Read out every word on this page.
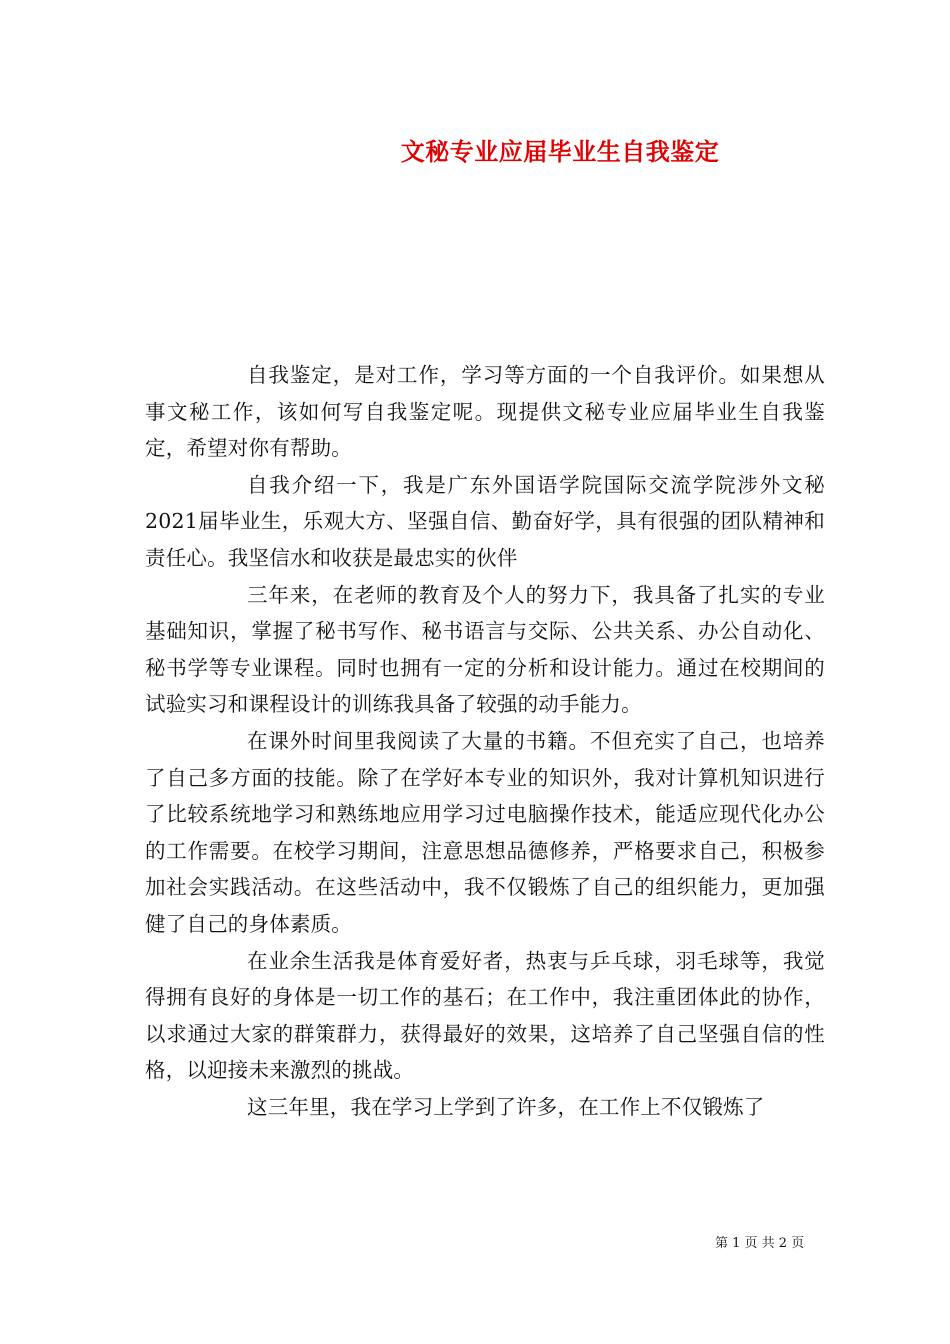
文秘专业应届毕业生自我鉴定

自我鉴定，是对工作，学习等方面的一个自我评价。如果想从事文秘工作，该如何写自我鉴定呢。现提供文秘专业应届毕业生自我鉴定，希望对你有帮助。

自我介绍一下，我是广东外国语学院国际交流学院涉外文秘2021届毕业生，乐观大方、坚强自信、勤奋好学，具有很强的团队精神和责任心。我坚信水和收获是最忠实的伙伴

三年来，在老师的教育及个人的努力下，我具备了扎实的专业基础知识，掌握了秘书写作、秘书语言与交际、公共关系、办公自动化、秘书学等专业课程。同时也拥有一定的分析和设计能力。通过在校期间的试验实习和课程设计的训练我具备了较强的动手能力。

在课外时间里我阅读了大量的书籍。不但充实了自己，也培养了自己多方面的技能。除了在学好本专业的知识外，我对计算机知识进行了比较系统地学习和熟练地应用学习过电脑操作技术，能适应现代化办公的工作需要。在校学习期间，注意思想品德修养，严格要求自己，积极参加社会实践活动。在这些活动中，我不仅锻炼了自己的组织能力，更加强健了自己的身体素质。

在业余生活我是体育爱好者，热衷与乒乓球，羽毛球等，我觉得拥有良好的身体是一切工作的基石；在工作中，我注重团体此的协作，以求通过大家的群策群力，获得最好的效果，这培养了自己坚强自信的性格，以迎接未来激烈的挑战。

这三年里，我在学习上学到了许多，在工作上不仅锻炼了

第 1 页 共 2 页
